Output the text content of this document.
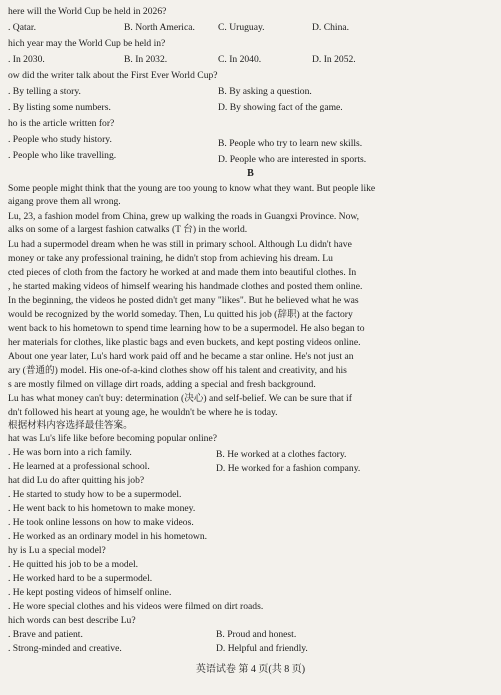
here will the World Cup be held in 2026?
. Qatar.	B. North America. C. Uruguay.	D. China.
hich year may the World Cup be held in?
. In 2030.	B. In 2032.	C. In 2040.	D. In 2052.
ow did the writer talk about the First Ever World Cup?
. By telling a story.	B. By asking a question.
. By listing some numbers.	D. By showing fact of the game.
ho is the article written for?
. People who study history.	B. People who try to learn new skills.
. People who like travelling.	D. People who are interested in sports.
B
Some people might think that the young are too young to know what they want. But people like
aigang prove them all wrong.
Lu, 23, a fashion model from China, grew up walking the roads in Guangxi Province. Now,
alks on some of a largest fashion catwalks (T 台) in the world.
Lu had a supermodel dream when he was still in primary school. Although Lu didn't have
money or take any professional training, he didn't stop from achieving his dream. Lu
cted pieces of cloth from the factory he worked at and made them into beautiful clothes. In
, he started making videos of himself wearing his handmade clothes and posted them online.
In the beginning, the videos he posted didn't get many "likes". But he believed what he was
would be recognized by the world someday. Then, Lu quitted his job (辞职) at the factory
went back to his hometown to spend time learning how to be a supermodel. He also began to
her materials for clothes, like plastic bags and even buckets, and kept posting videos online.
About one year later, Lu's hard work paid off and he became a star online. He's not just an
ary (普通的) model. His one-of-a-kind clothes show off his talent and creativity, and his
s are mostly filmed on village dirt roads, adding a special and fresh background.
Lu has what money can't buy: determination (决心) and self-belief. We can be sure that if
dn't followed his heart at young age, he wouldn't be where he is today.
根据材料内容选择最佳答案。
hat was Lu's life like before becoming popular online?
. He was born into a rich family.	B. He worked at a clothes factory.
. He learned at a professional school.	D. He worked for a fashion company.
hat did Lu do after quitting his job?
. He started to study how to be a supermodel.
. He went back to his hometown to make money.
. He took online lessons on how to make videos.
. He worked as an ordinary model in his hometown.
hy is Lu a special model?
. He quitted his job to be a model.
. He worked hard to be a supermodel.
. He kept posting videos of himself online.
. He wore special clothes and his videos were filmed on dirt roads.
hich words can best describe Lu?
. Brave and patient.	B. Proud and honest.
. Strong-minded and creative.	D. Helpful and friendly.
英语试卷 第 4 页(共 8 页)
